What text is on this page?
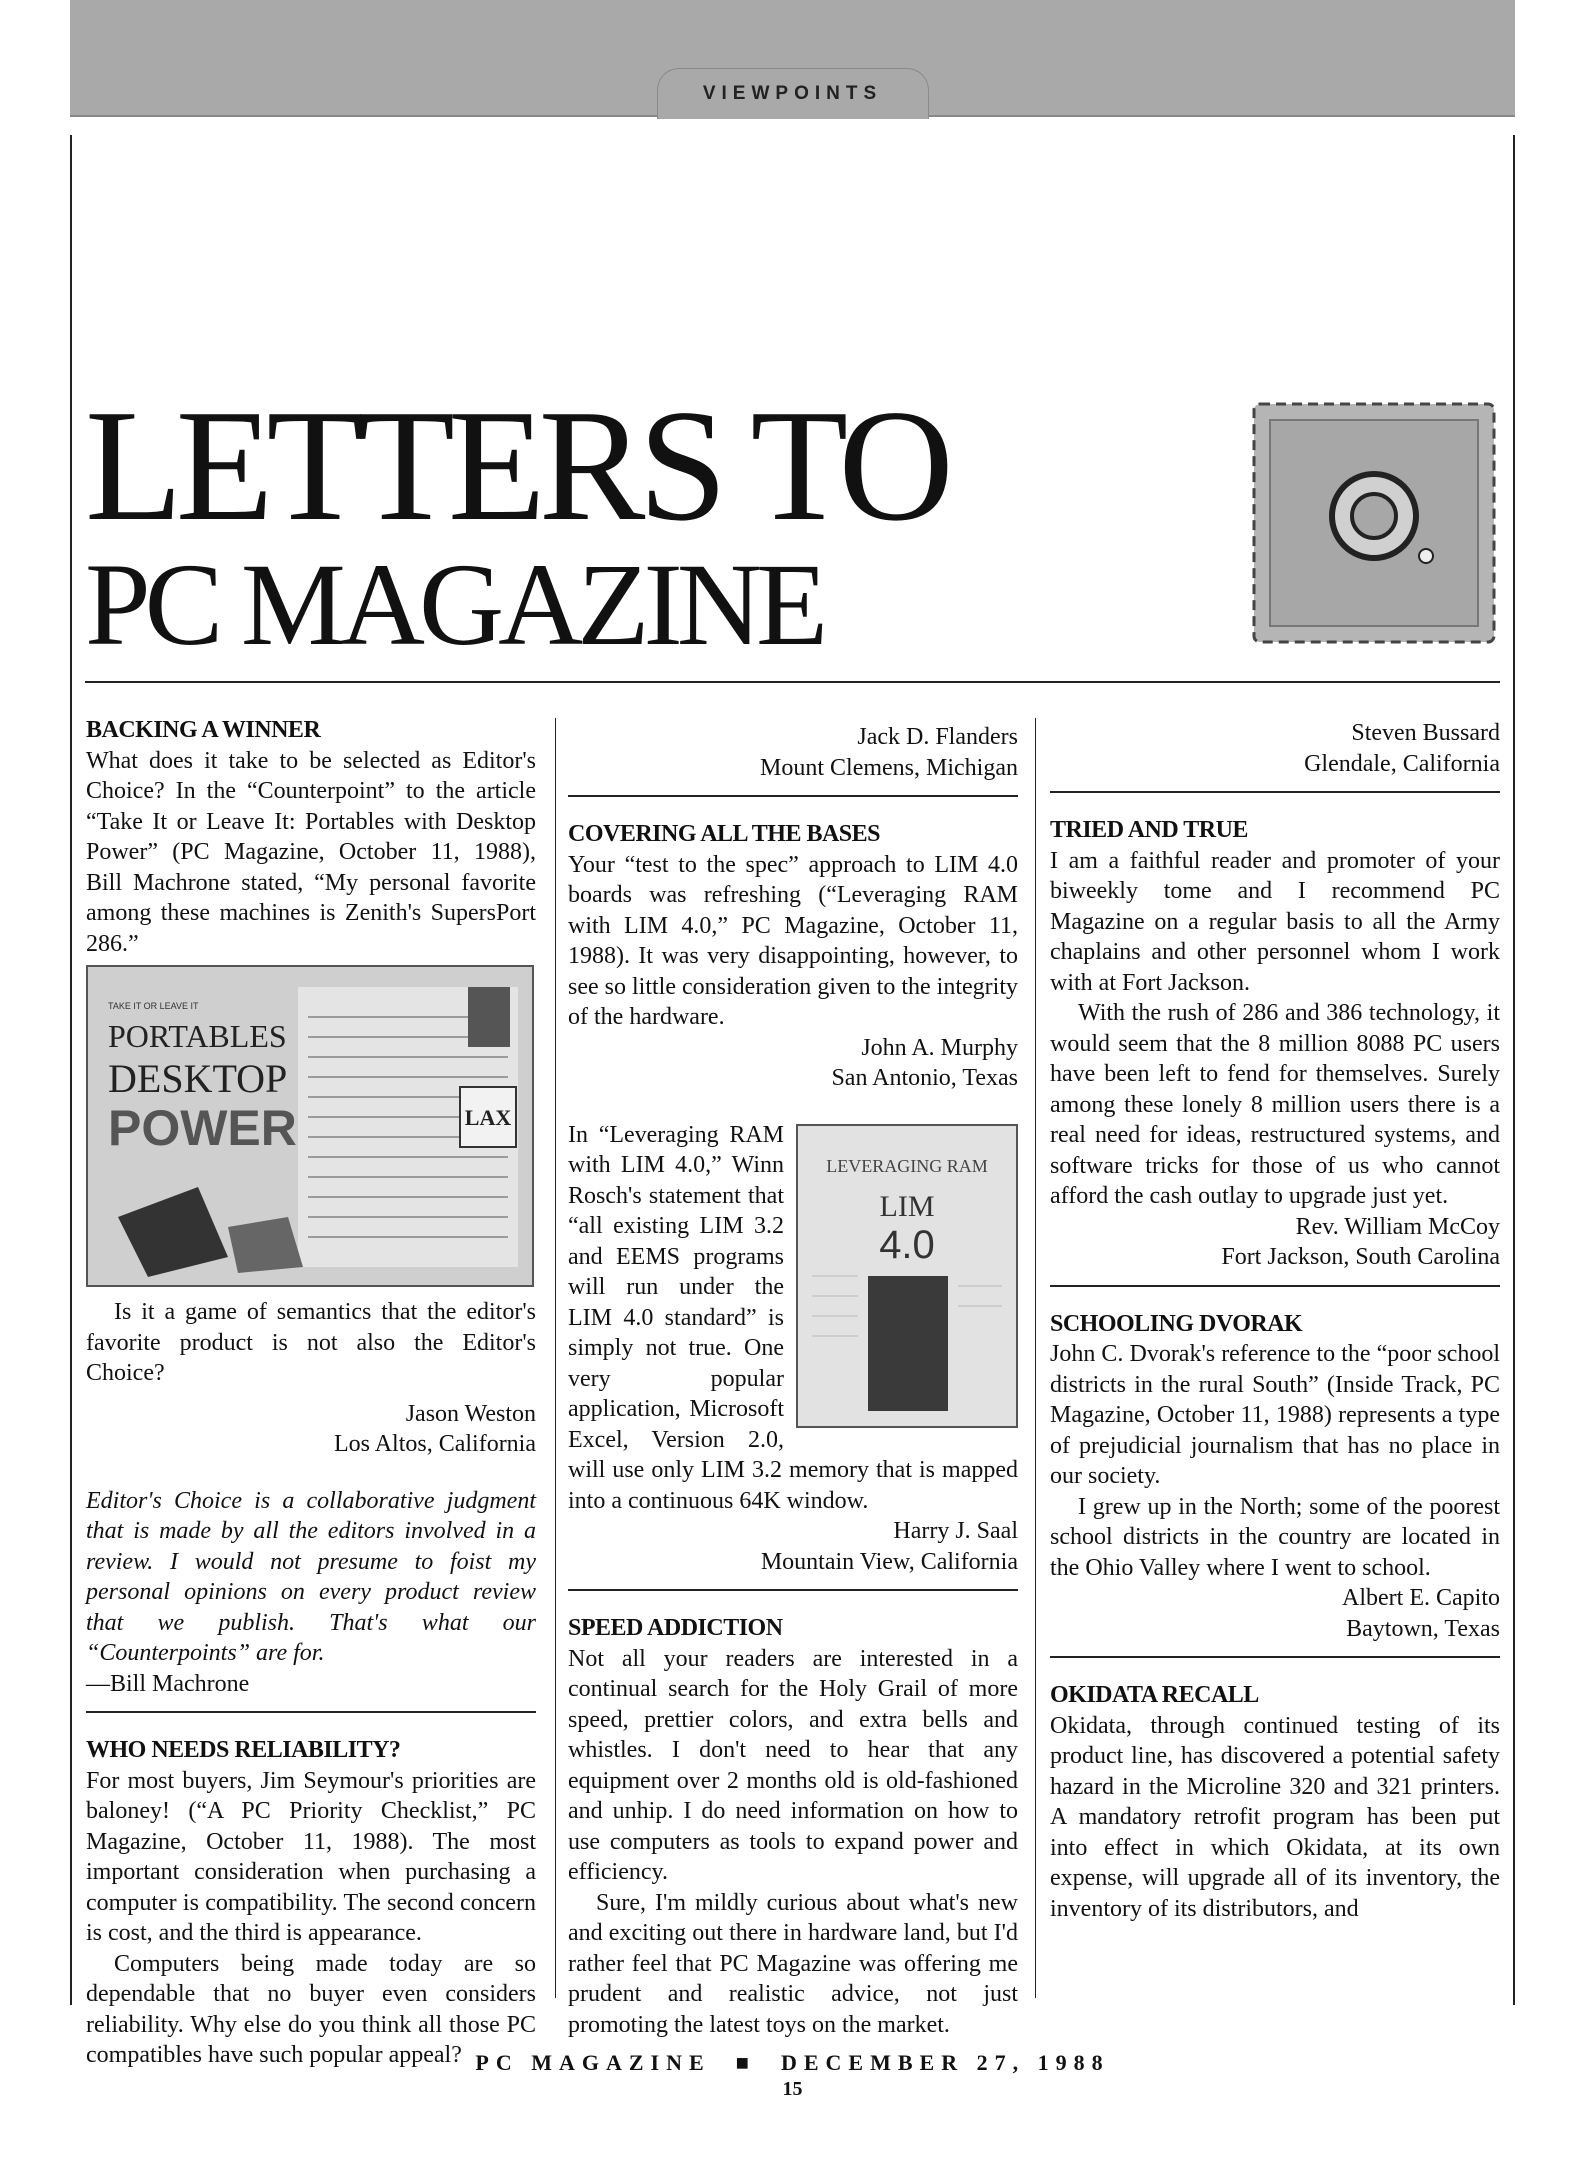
VIEWPOINTS
LETTERS TO
PC MAGAZINE

BACKING A WINNER

What does it take to be selected as Editor's Choice? In the “Counterpoint” to the article “Take It or Leave It: Portables with Desktop Power” (PC Magazine, October 11, 1988), Bill Machrone stated, “My personal favorite among these machines is Zenith's SupersPort 286.”

LAX
TAKE IT OR LEAVE IT
PORTABLES
DESKTOP
POWER

Is it a game of semantics that the editor's favorite product is not also the Editor's Choice?

Jason Weston

Los Altos, California

Editor's Choice is a collaborative judgment that is made by all the editors involved in a review. I would not presume to foist my personal opinions on every product review that we publish. That's what our “Counterpoints” are for.

—Bill Machrone

WHO NEEDS RELIABILITY?

For most buyers, Jim Seymour's priorities are baloney! (“A PC Priority Checklist,” PC Magazine, October 11, 1988). The most important consideration when purchasing a computer is compatibility. The second concern is cost, and the third is appearance.

Computers being made today are so dependable that no buyer even considers reliability. Why else do you think all those PC compatibles have such popular appeal?

Jack D. Flanders

Mount Clemens, Michigan

COVERING ALL THE BASES

Your “test to the spec” approach to LIM 4.0 boards was refreshing (“Leveraging RAM with LIM 4.0,” PC Magazine, October 11, 1988). It was very disappointing, however, to see so little consideration given to the integrity of the hardware.

John A. Murphy

San Antonio, Texas

LEVERAGING RAM
LIM
4.0

In “Leveraging RAM with LIM 4.0,” Winn Rosch's statement that “all existing LIM 3.2 and EEMS programs will run under the LIM 4.0 standard” is simply not true. One very popular application, Microsoft Excel, Version 2.0, will use only LIM 3.2 memory that is mapped into a continuous 64K window.

Harry J. Saal

Mountain View, California

SPEED ADDICTION

Not all your readers are interested in a continual search for the Holy Grail of more speed, prettier colors, and extra bells and whistles. I don't need to hear that any equipment over 2 months old is old-fashioned and unhip. I do need information on how to use computers as tools to expand power and efficiency.

Sure, I'm mildly curious about what's new and exciting out there in hardware land, but I'd rather feel that PC Magazine was offering me prudent and realistic advice, not just promoting the latest toys on the market.

Steven Bussard

Glendale, California

TRIED AND TRUE

I am a faithful reader and promoter of your biweekly tome and I recommend PC Magazine on a regular basis to all the Army chaplains and other personnel whom I work with at Fort Jackson.

With the rush of 286 and 386 technology, it would seem that the 8 million 8088 PC users have been left to fend for themselves. Surely among these lonely 8 million users there is a real need for ideas, restructured systems, and software tricks for those of us who cannot afford the cash outlay to upgrade just yet.

Rev. William McCoy

Fort Jackson, South Carolina

SCHOOLING DVORAK

John C. Dvorak's reference to the “poor school districts in the rural South” (Inside Track, PC Magazine, October 11, 1988) represents a type of prejudicial journalism that has no place in our society.

I grew up in the North; some of the poorest school districts in the country are located in the Ohio Valley where I went to school.

Albert E. Capito

Baytown, Texas

OKIDATA RECALL

Okidata, through continued testing of its product line, has discovered a potential safety hazard in the Microline 320 and 321 printers. A mandatory retrofit program has been put into effect in which Okidata, at its own expense, will upgrade all of its inventory, the inventory of its distributors, and

PC MAGAZINE  ■  DECEMBER 27, 1988
15
